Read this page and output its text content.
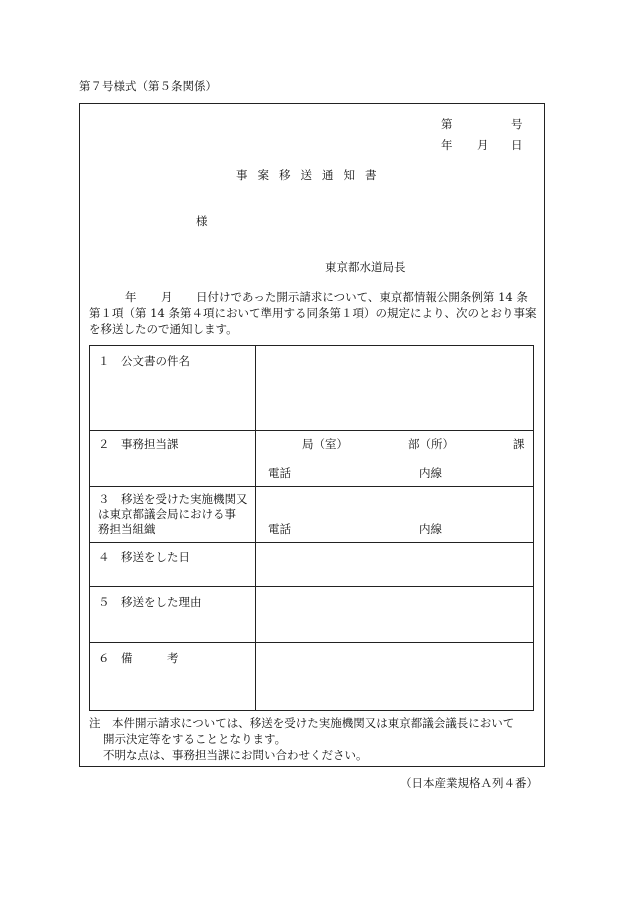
第７号様式（第５条関係）
第	号
年 月 日
事案移送通知書
様
東京都水道局長
年 月 日付けであった開示請求について、東京都情報公開条例第 14 条
第１項（第 14 条第４項において準用する同条第１項）の規定により、次のとおり事案
を移送したので通知します。
１　公文書の件名
２　事務担当課	局（室）	部（所）	課
電話	内線
３　移送を受けた実施機関又
は東京都議会局における事
務担当組織	電話	内線
４　移送をした日
５　移送をした理由
６　備　　　考
注　本件開示請求については、移送を受けた実施機関又は東京都議会議長において
開示決定等をすることとなります。
不明な点は、事務担当課にお問い合わせください。
（日本産業規格Ａ列４番）
